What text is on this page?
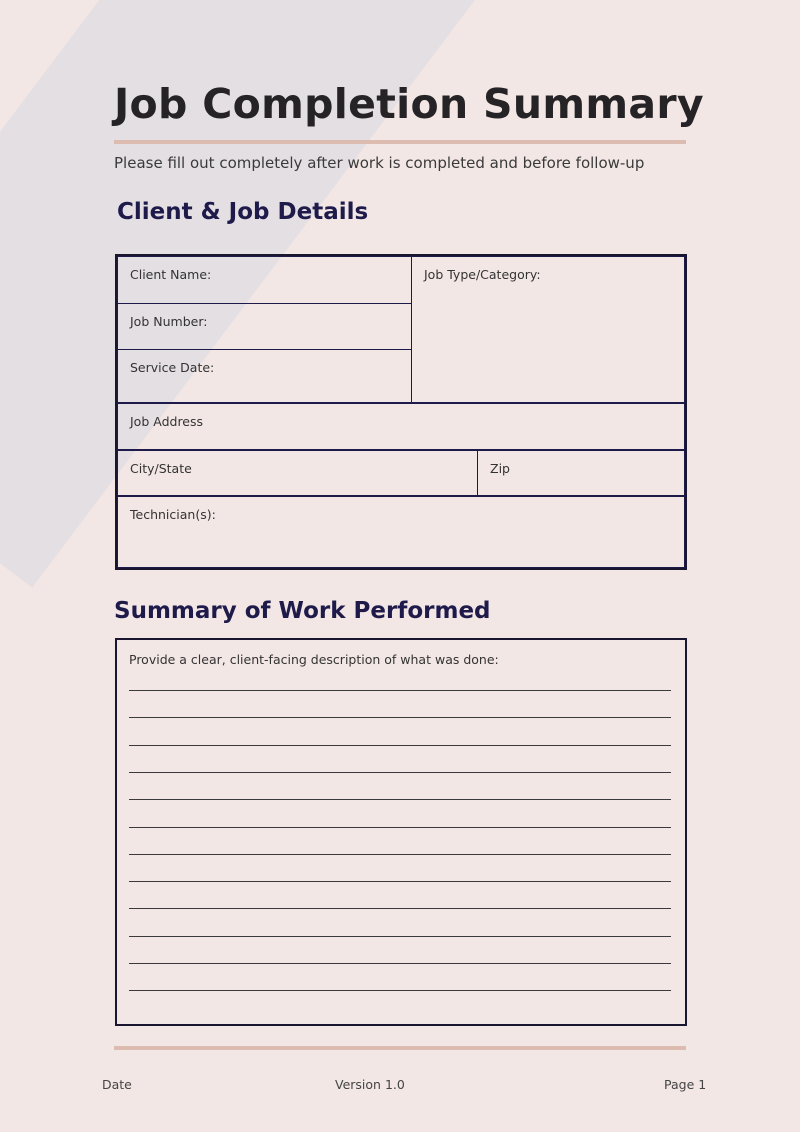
Job Completion Summary

Please fill out completely after work is completed and before follow-up

Client & Job Details
Client Name:
Job Number:
Service Date:
Job Type/Category:
Job Address
City/State	Zip
Technician(s):
Summary of Work Performed
Provide a clear, client-facing description of what was done:
Date	Version 1.0	Page 1
